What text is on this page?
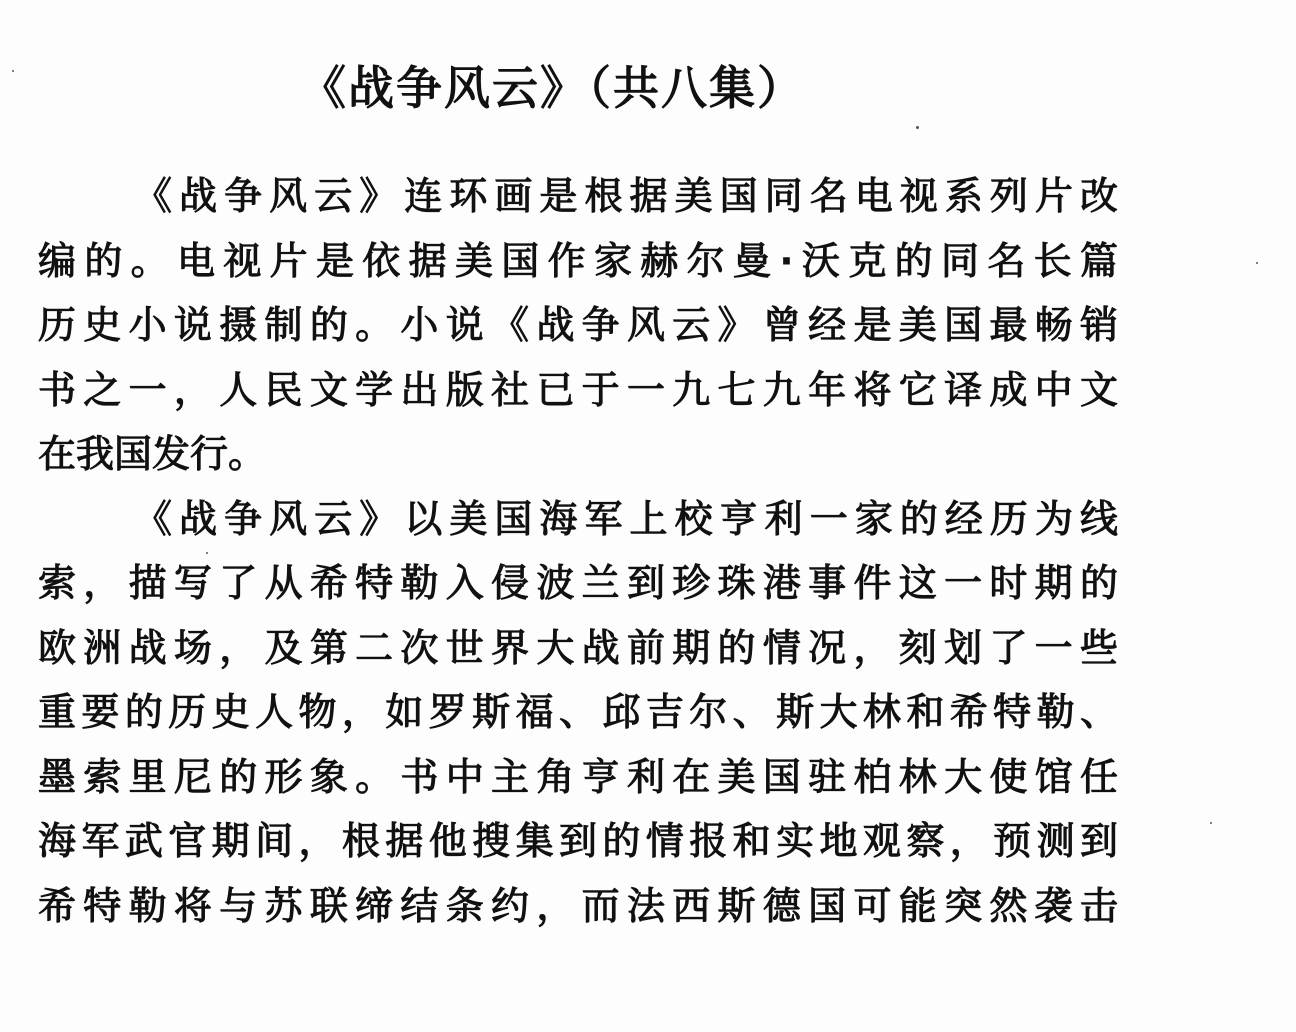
《战争风云》（共八集）
《战争风云》连环画是根据美国同名电视系列片改
编的。电视片是依据美国作家赫尔曼·沃克的同名长篇
历史小说摄制的。小说《战争风云》曾经是美国最畅销
书之一，人民文学出版社已于一九七九年将它译成中文
在我国发行。
《战争风云》以美国海军上校亨利一家的经历为线
索，描写了从希特勒入侵波兰到珍珠港事件这一时期的
欧洲战场，及第二次世界大战前期的情况，刻划了一些
重要的历史人物，如罗斯福、邱吉尔、斯大林和希特勒、
墨索里尼的形象。书中主角亨利在美国驻柏林大使馆任
海军武官期间，根据他搜集到的情报和实地观察，预测到
希特勒将与苏联缔结条约，而法西斯德国可能突然袭击
